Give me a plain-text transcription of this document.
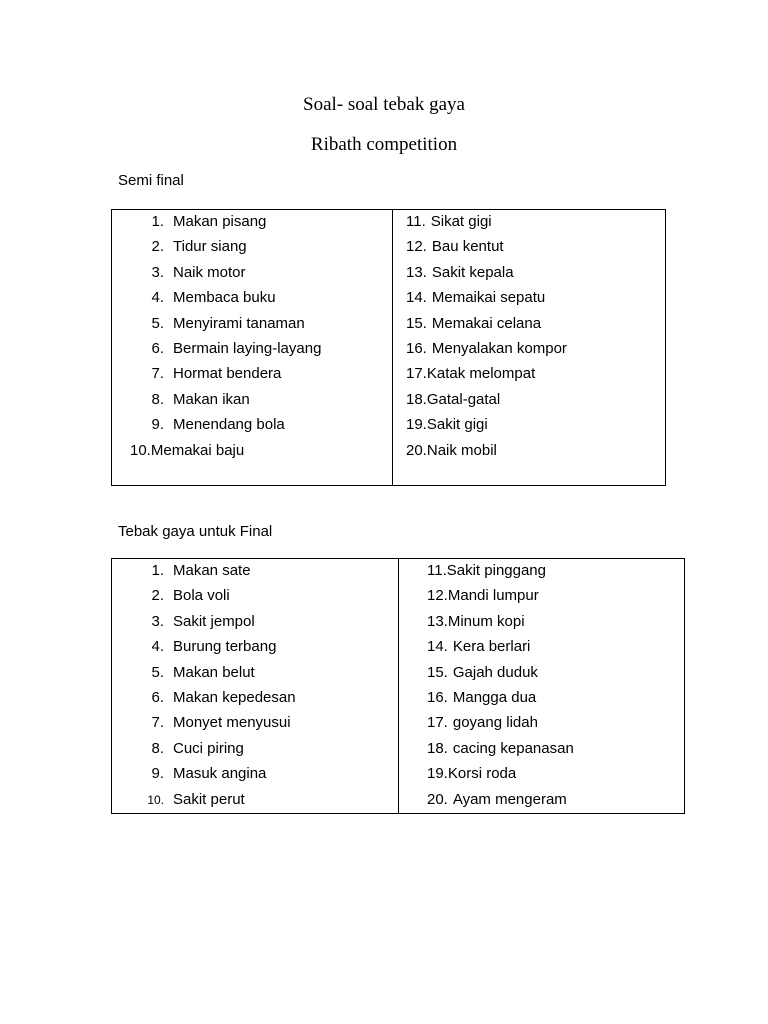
Soal- soal tebak gaya
Ribath competition
Semi final
1. Makan pisang
2. Tidur siang
3. Naik motor
4. Membaca buku
5. Menyirami tanaman
6. Bermain laying-layang
7. Hormat bendera
8. Makan ikan
9. Menendang bola
10.Memakai baju
11. Sikat gigi
12. Bau kentut
13. Sakit kepala
14. Memaikai sepatu
15. Memakai celana
16. Menyalakan kompor
17.Katak melompat
18.Gatal-gatal
19.Sakit gigi
20.Naik mobil
Tebak gaya untuk Final
1. Makan sate
2. Bola voli
3. Sakit jempol
4. Burung terbang
5. Makan belut
6. Makan kepedesan
7. Monyet menyusui
8. Cuci piring
9. Masuk angina
10. Sakit perut
11.Sakit pinggang
12.Mandi lumpur
13.Minum kopi
14. Kera berlari
15. Gajah duduk
16. Mangga dua
17. goyang lidah
18. cacing kepanasan
19.Korsi roda
20. Ayam mengeram
